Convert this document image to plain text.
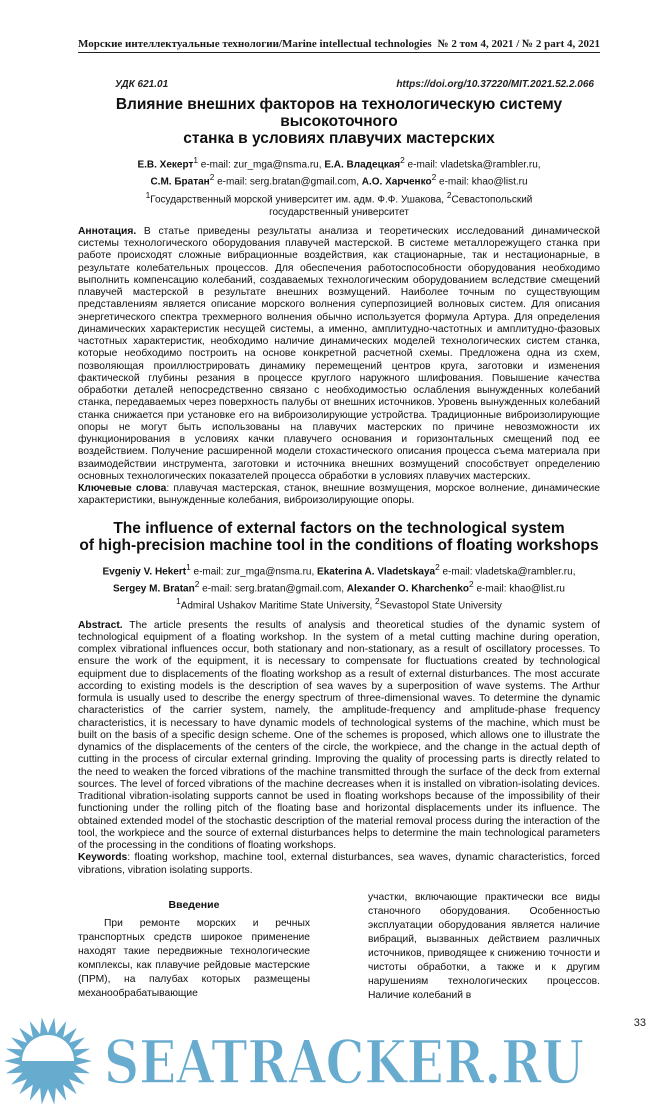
Морские интеллектуальные технологии/Marine intellectual technologies № 2 том 4, 2021 / № 2 part 4, 2021
УДК 621.01	https://doi.org/10.37220/MIT.2021.52.2.066
Влияние внешних факторов на технологическую систему высокоточного
станка в условиях плавучих мастерских
Е.В. Хекерт$^1$ e-mail: zur_mga@nsma.ru, Е.А. Владецкая$^2$ e-mail: vladetska@rambler.ru,
С.М. Братан$^2$ e-mail: serg.bratan@gmail.com, А.О. Харченко$^2$ e-mail: khao@list.ru
$^1$Государственный морской университет им. адм. Ф.Ф. Ушакова, $^2$Севастопольский государственный университет
Аннотация. В статье приведены результаты анализа и теоретических исследований динамической системы технологического оборудования плавучей мастерской. В системе металлорежущего станка при работе происходят сложные вибрационные воздействия, как стационарные, так и нестационарные, в результате колебательных процессов. Для обеспечения работоспособности оборудования необходимо выполнить компенсацию колебаний, создаваемых технологическим оборудованием вследствие смещений плавучей мастерской в результате внешних возмущений. Наиболее точным по существующим представлениям является описание морского волнения суперпозицией волновых систем. Для описания энергетического спектра трехмерного волнения обычно используется формула Артура. Для определения динамических характеристик несущей системы, а именно, амплитудно-частотных и амплитудно-фазовых частотных характеристик, необходимо наличие динамических моделей технологических систем станка, которые необходимо построить на основе конкретной расчетной схемы. Предложена одна из схем, позволяющая проиллюстрировать динамику перемещений центров круга, заготовки и изменения фактической глубины резания в процессе круглого наружного шлифования. Повышение качества обработки деталей непосредственно связано с необходимостью ослабления вынужденных колебаний станка, передаваемых через поверхность палубы от внешних источников. Уровень вынужденных колебаний станка снижается при установке его на виброизолирующие устройства. Традиционные виброизолирующие опоры не могут быть использованы на плавучих мастерских по причине невозможности их функционирования в условиях качки плавучего основания и горизонтальных смещений под ее воздействием. Получение расширенной модели стохастического описания процесса съема материала при взаимодействии инструмента, заготовки и источника внешних возмущений способствует определению основных технологических показателей процесса обработки в условиях плавучих мастерских.
Ключевые слова: плавучая мастерская, станок, внешние возмущения, морское волнение, динамические характеристики, вынужденные колебания, виброизолирующие опоры.
The influence of external factors on the technological system
of high-precision machine tool in the conditions of floating workshops
Evgeniy V. Hekert$^1$ e-mail: zur_mga@nsma.ru, Ekaterina A. Vladetskaya$^2$ e-mail: vladetska@rambler.ru,
Sergey M. Bratan$^2$ e-mail: serg.bratan@gmail.com, Alexander O. Kharchenko$^2$ e-mail: khao@list.ru
$^1$Admiral Ushakov Maritime State University, $^2$Sevastopol State University
Abstract. The article presents the results of analysis and theoretical studies of the dynamic system of technological equipment of a floating workshop. In the system of a metal cutting machine during operation, complex vibrational influences occur, both stationary and non-stationary, as a result of oscillatory processes. To ensure the work of the equipment, it is necessary to compensate for fluctuations created by technological equipment due to displacements of the floating workshop as a result of external disturbances. The most accurate according to existing models is the description of sea waves by a superposition of wave systems. The Arthur formula is usually used to describe the energy spectrum of three-dimensional waves. To determine the dynamic characteristics of the carrier system, namely, the amplitude-frequency and amplitude-phase frequency characteristics, it is necessary to have dynamic models of technological systems of the machine, which must be built on the basis of a specific design scheme. One of the schemes is proposed, which allows one to illustrate the dynamics of the displacements of the centers of the circle, the workpiece, and the change in the actual depth of cutting in the process of circular external grinding. Improving the quality of processing parts is directly related to the need to weaken the forced vibrations of the machine transmitted through the surface of the deck from external sources. The level of forced vibrations of the machine decreases when it is installed on vibration-isolating devices. Traditional vibration-isolating supports cannot be used in floating workshops because of the impossibility of their functioning under the rolling pitch of the floating base and horizontal displacements under its influence. The obtained extended model of the stochastic description of the material removal process during the interaction of the tool, the workpiece and the source of external disturbances helps to determine the main technological parameters of the processing in the conditions of floating workshops.
Keywords: floating workshop, machine tool, external disturbances, sea waves, dynamic characteristics, forced vibrations, vibration isolating supports.
Введение
При ремонте морских и речных транспортных средств широкое применение находят такие передвижные технологические комплексы, как плавучие рейдовые мастерские (ПРМ), на палубах которых размещены механообрабатывающие
участки, включающие практически все виды станочного оборудования. Особенностью эксплуатации оборудования является наличие вибраций, вызванных действием различных источников, приводящее к снижению точности и чистоты обработки, а также и к другим нарушениям технологических процессов. Наличие колебаний в
SEATRACKER.RU
33
